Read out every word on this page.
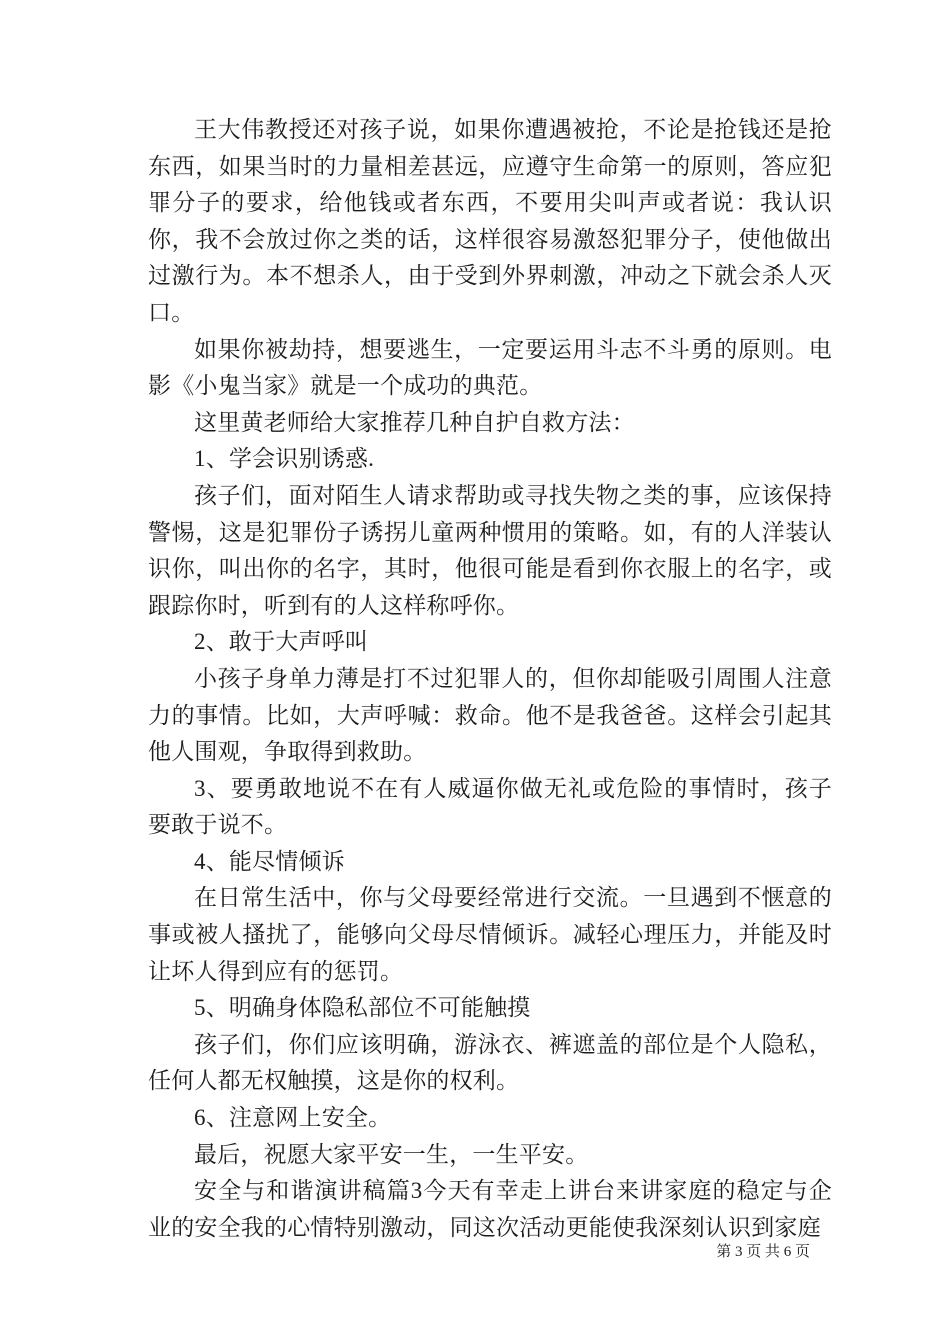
王大伟教授还对孩子说，如果你遭遇被抢，不论是抢钱还是抢东西，如果当时的力量相差甚远，应遵守生命第一的原则，答应犯罪分子的要求，给他钱或者东西，不要用尖叫声或者说：我认识你，我不会放过你之类的话，这样很容易激怒犯罪分子，使他做出过激行为。本不想杀人，由于受到外界刺激，冲动之下就会杀人灭口。

如果你被劫持，想要逃生，一定要运用斗志不斗勇的原则。电影《小鬼当家》就是一个成功的典范。

这里黄老师给大家推荐几种自护自救方法：

1、学会识别诱惑.

孩子们，面对陌生人请求帮助或寻找失物之类的事，应该保持警惕，这是犯罪份子诱拐儿童两种惯用的策略。如，有的人洋装认识你，叫出你的名字，其时，他很可能是看到你衣服上的名字，或跟踪你时，听到有的人这样称呼你。

2、敢于大声呼叫

小孩子身单力薄是打不过犯罪人的，但你却能吸引周围人注意力的事情。比如，大声呼喊：救命。他不是我爸爸。这样会引起其他人围观，争取得到救助。

3、要勇敢地说不在有人威逼你做无礼或危险的事情时，孩子要敢于说不。

4、能尽情倾诉

在日常生活中，你与父母要经常进行交流。一旦遇到不惬意的事或被人搔扰了，能够向父母尽情倾诉。减轻心理压力，并能及时让坏人得到应有的惩罚。

5、明确身体隐私部位不可能触摸

孩子们，你们应该明确，游泳衣、裤遮盖的部位是个人隐私，任何人都无权触摸，这是你的权利。

6、注意网上安全。

最后，祝愿大家平安一生，一生平安。

安全与和谐演讲稿篇3今天有幸走上讲台来讲家庭的稳定与企业的安全我的心情特别激动，同这次活动更能使我深刻认识到家庭

第 3 页 共 6 页
